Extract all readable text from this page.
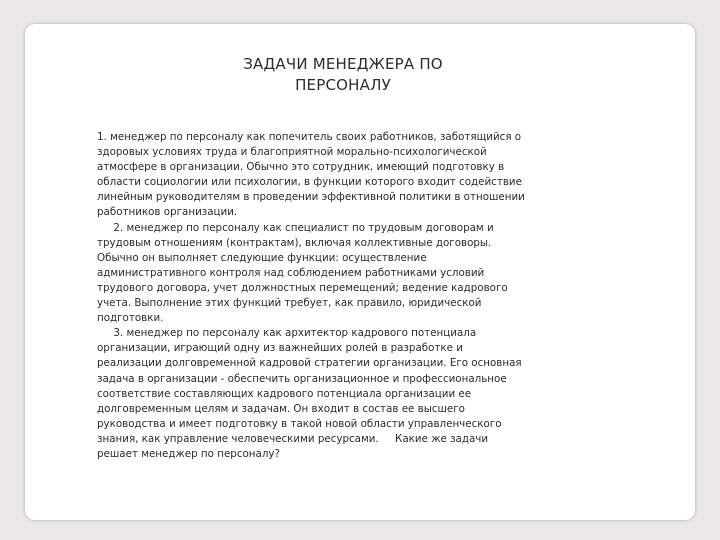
ЗАДАЧИ МЕНЕДЖЕРА ПО
ПЕРСОНАЛУ
1. менеджер по персоналу как попечитель своих работников, заботящийся о
здоровых условиях труда и благоприятной морально-психологической
атмосфере в организации. Обычно это сотрудник, имеющий подготовку в
области социологии или психологии, в функции которого входит содействие
линейным руководителям в проведении эффективной политики в отношении
работников организации.
2. менеджер по персоналу как специалист по трудовым договорам и
трудовым отношениям (контрактам), включая коллективные договоры.
Обычно он выполняет следующие функции: осуществление
административного контроля над соблюдением работниками условий
трудового договора, учет должностных перемещений; ведение кадрового
учета. Выполнение этих функций требует, как правило, юридической
подготовки.
3. менеджер по персоналу как архитектор кадрового потенциала
организации, играющий одну из важнейших ролей в разработке и
реализации долговременной кадровой стратегии организации. Его основная
задача в организации - обеспечить организационное и профессиональное
соответствие составляющих кадрового потенциала организации ее
долговременным целям и задачам. Он входит в состав ее высшего
руководства и имеет подготовку в такой новой области управленческого
знания, как управление человеческими ресурсами.     Какие же задачи
решает менеджер по персоналу?
